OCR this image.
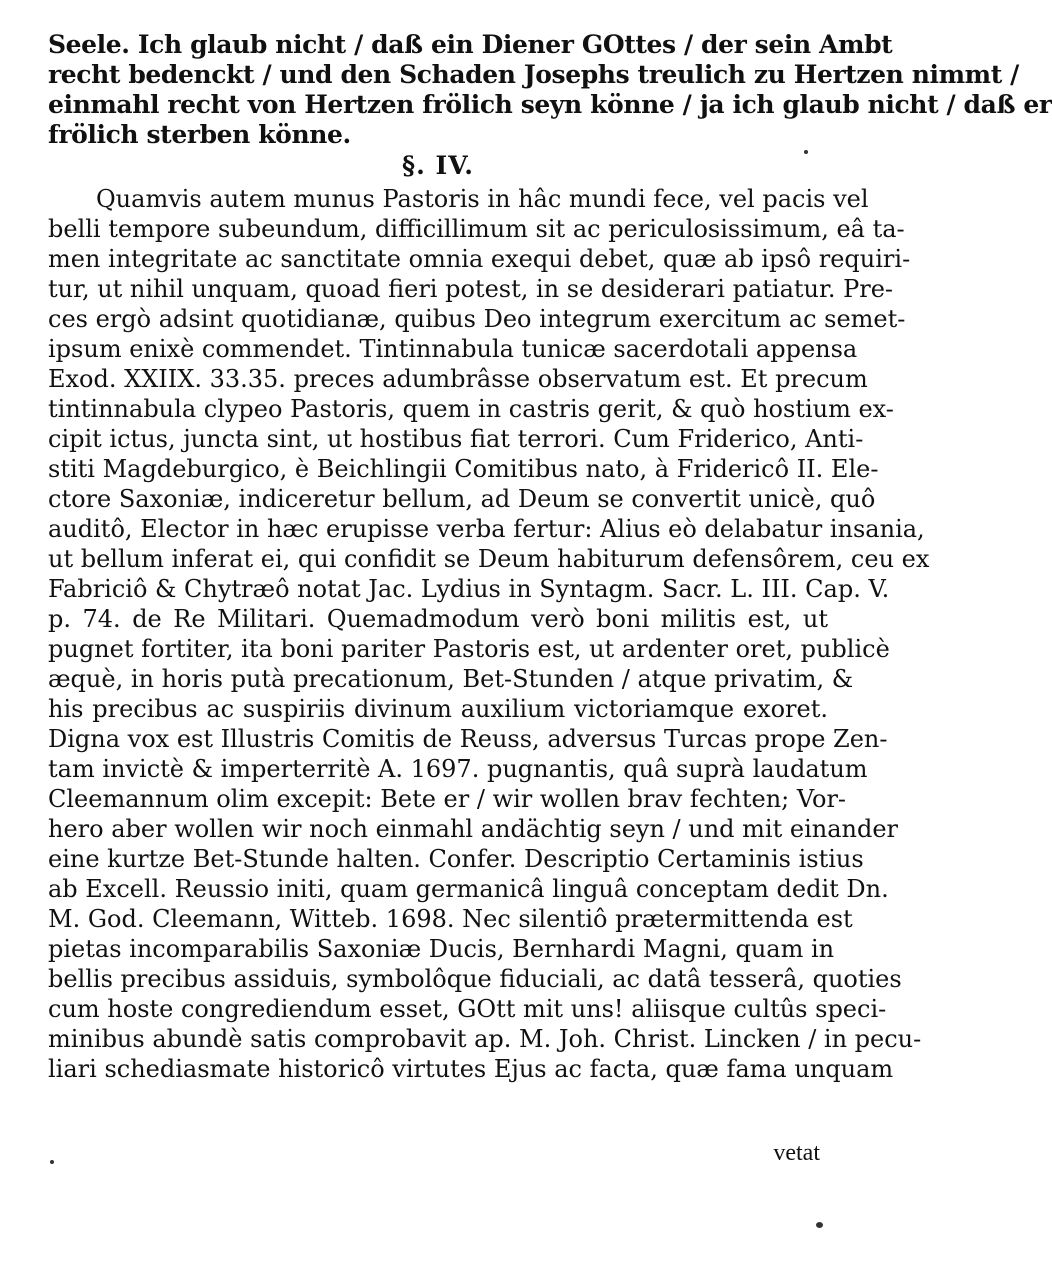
Seele. Ich glaub nicht / daß ein Diener GOttes / der sein Ambt
recht bedenckt / und den Schaden Josephs treulich zu Hertzen nimmt /
einmahl recht von Hertzen frölich seyn könne / ja ich glaub nicht / daß er
frölich sterben könne.
§. IV.
Quamvis autem munus Pastoris in hâc mundi fece, vel pacis vel
belli tempore subeundum, difficillimum sit ac periculosissimum, eâ ta-
men integritate ac sanctitate omnia exequi debet, quæ ab ipsô requiri-
tur, ut nihil unquam, quoad fieri potest, in se desiderari patiatur. Pre-
ces ergò adsint quotidianæ, quibus Deo integrum exercitum ac semet-
ipsum enixè commendet. Tintinnabula tunicæ sacerdotali appensa
Exod. XXIIX. 33.35. preces adumbrâsse observatum est. Et precum
tintinnabula clypeo Pastoris, quem in castris gerit, & quò hostium ex-
cipit ictus, juncta sint, ut hostibus fiat terrori. Cum Friderico, Anti-
stiti Magdeburgico, è Beichlingii Comitibus nato, à Fridericô II. Ele-
ctore Saxoniæ, indiceretur bellum, ad Deum se convertit unicè, quô
auditô, Elector in hæc erupisse verba fertur: Alius eò delabatur insania,
ut bellum inferat ei, qui confidit se Deum habiturum defensôrem, ceu ex
Fabriciô & Chytræô notat Jac. Lydius in Syntagm. Sacr. L. III. Cap. V.
p. 74. de Re Militari. Quemadmodum verò boni militis est, ut
pugnet fortiter, ita boni pariter Pastoris est, ut ardenter oret, publicè
æquè, in horis putà precationum, Bet-Stunden / atque privatim, &
his precibus ac suspiriis divinum auxilium victoriamque exoret.
Digna vox est Illustris Comitis de Reuss, adversus Turcas prope Zen-
tam invictè & imperterritè A. 1697. pugnantis, quâ suprà laudatum
Cleemannum olim excepit: Bete er / wir wollen brav fechten; Vor-
hero aber wollen wir noch einmahl andächtig seyn / und mit einander
eine kurtze Bet-Stunde halten. Confer. Descriptio Certaminis istius
ab Excell. Reussio initi, quam germanicâ linguâ conceptam dedit Dn.
M. God. Cleemann, Witteb. 1698. Nec silentiô prætermittenda est
pietas incomparabilis Saxoniæ Ducis, Bernhardi Magni, quam in
bellis precibus assiduis, symbolôque fiduciali, ac datâ tesserâ, quoties
cum hoste congrediendum esset, GOtt mit uns! aliisque cultûs speci-
minibus abundè satis comprobavit ap. M. Joh. Christ. Lincken / in pecu-
liari schediasmate historicô virtutes Ejus ac facta, quæ fama unquam
vetat
